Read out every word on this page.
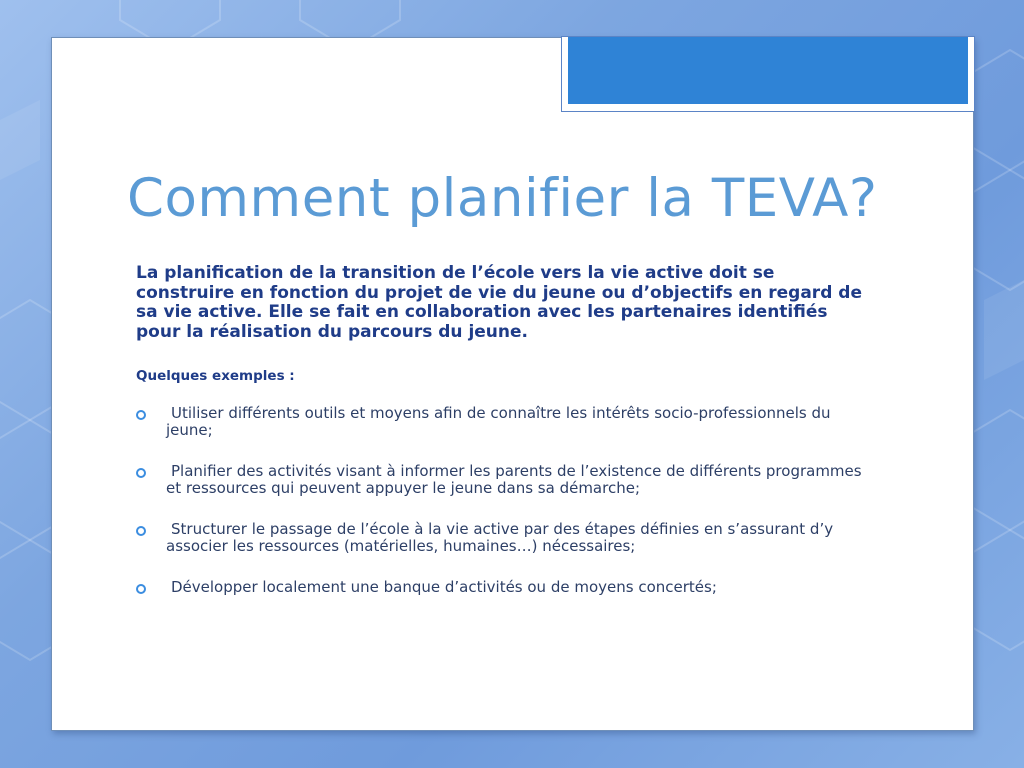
Comment planifier la TEVA?

La planification de la transition de l’école vers la vie active doit se construire en fonction du projet de vie du jeune ou d’objectifs en regard de sa vie active. Elle se fait en collaboration avec les partenaires identifiés pour la réalisation du parcours du jeune.

Quelques exemples :

Utiliser différents outils et moyens afin de connaître les intérêts socio-professionnels du jeune;
Planifier des activités visant à informer les parents de l’existence de différents programmes et ressources qui peuvent appuyer le jeune dans sa démarche;
Structurer le passage de l’école à la vie active par des étapes définies en s’assurant d’y associer les ressources (matérielles, humaines…) nécessaires;
Développer localement une banque d’activités ou de moyens concertés;
